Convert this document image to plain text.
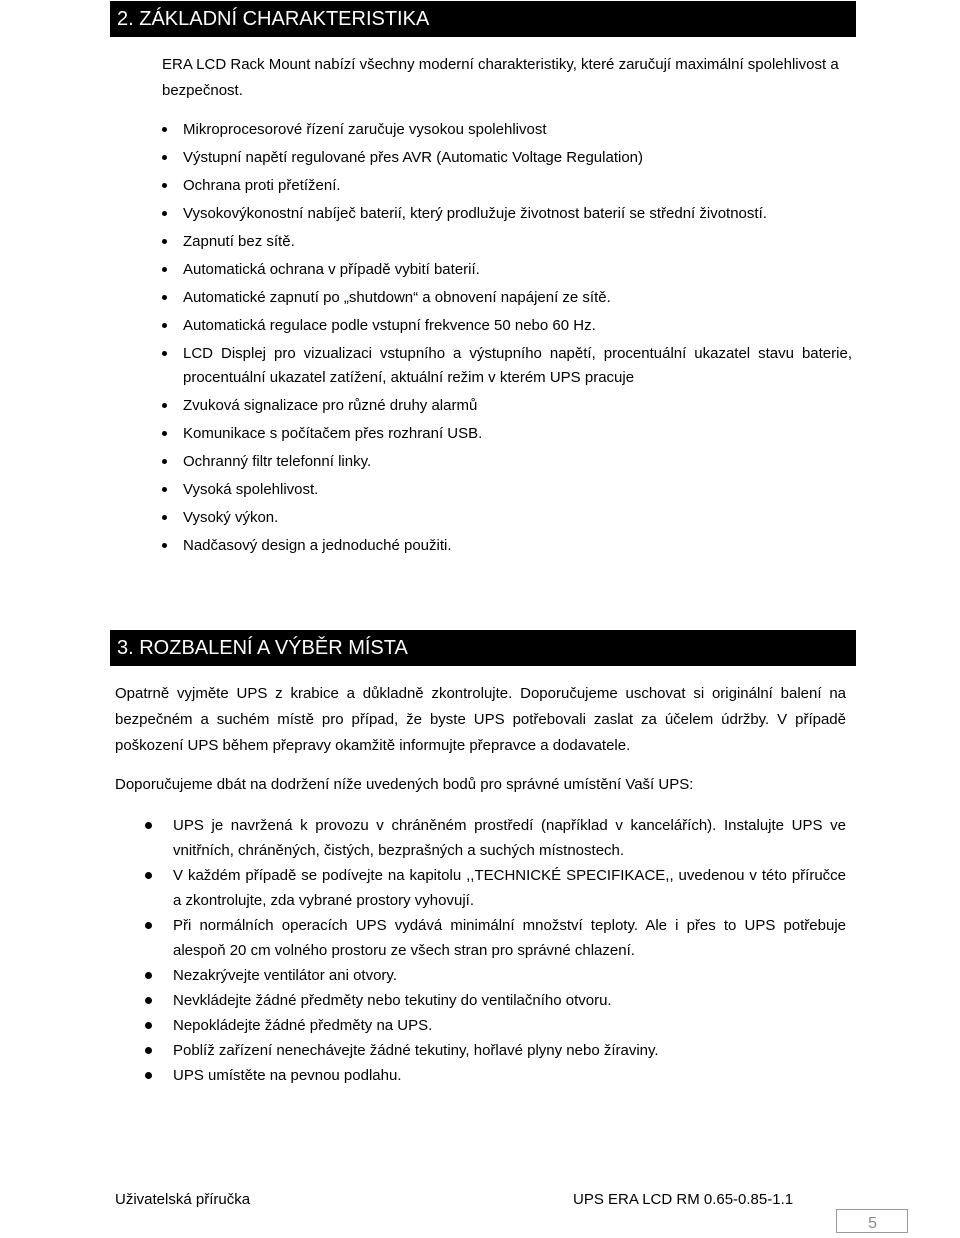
2. ZÁKLADNÍ CHARAKTERISTIKA
ERA LCD Rack Mount nabízí všechny moderní charakteristiky, které zaručují maximální spolehlivost a bezpečnost.
Mikroprocesorové řízení zaručuje vysokou spolehlivost
Výstupní napětí regulované přes AVR (Automatic Voltage Regulation)
Ochrana proti přetížení.
Vysokovýkonostní nabíječ baterií, který prodlužuje životnost baterií se střední životností.
Zapnutí bez sítě.
Automatická ochrana v případě vybití baterií.
Automatické zapnutí po „shutdown“ a obnovení napájení ze sítě.
Automatická regulace podle vstupní frekvence 50 nebo 60 Hz.
LCD Displej pro vizualizaci vstupního a výstupního napětí, procentuální ukazatel stavu baterie, procentuální ukazatel zatížení, aktuální režim v kterém UPS pracuje
Zvuková signalizace pro různé druhy alarmů
Komunikace s počítačem přes rozhraní USB.
Ochranný filtr telefonní linky.
Vysoká spolehlivost.
Vysoký výkon.
Nadčasový design a jednoduché použiti.
3. ROZBALENÍ A VÝBĚR MÍSTA
Opatrně vyjměte UPS z krabice a důkladně zkontrolujte. Doporučujeme uschovat si originální balení na bezpečném a suchém místě pro případ, že byste UPS potřebovali zaslat za účelem údržby. V případě poškození UPS během přepravy okamžitě informujte přepravce a dodavatele.
Doporučujeme dbát na dodržení níže uvedených bodů pro správné umístění Vaší UPS:
UPS je navržená k provozu v chráněném prostředí (například v kancelářích). Instalujte UPS ve vnitřních, chráněných, čistých, bezprašných a suchých místnostech.
V každém případě se podívejte na kapitolu ,,TECHNICKÉ SPECIFIKACE,, uvedenou v této příručce a zkontrolujte, zda vybrané prostory vyhovují.
Při normálních operacích UPS vydává minimální množství teploty. Ale i přes to UPS potřebuje alespoň 20 cm volného prostoru ze všech stran pro správné chlazení.
Nezakrývejte ventilátor ani otvory.
Nevkládejte žádné předměty nebo tekutiny do ventilačního otvoru.
Nepokládejte žádné předměty na UPS.
Poblíž zařízení nenechávejte žádné tekutiny, hořlavé plyny nebo žíraviny.
UPS umístěte na pevnou podlahu.
Uživatelská příručka	UPS ERA LCD RM 0.65-0.85-1.1
5
